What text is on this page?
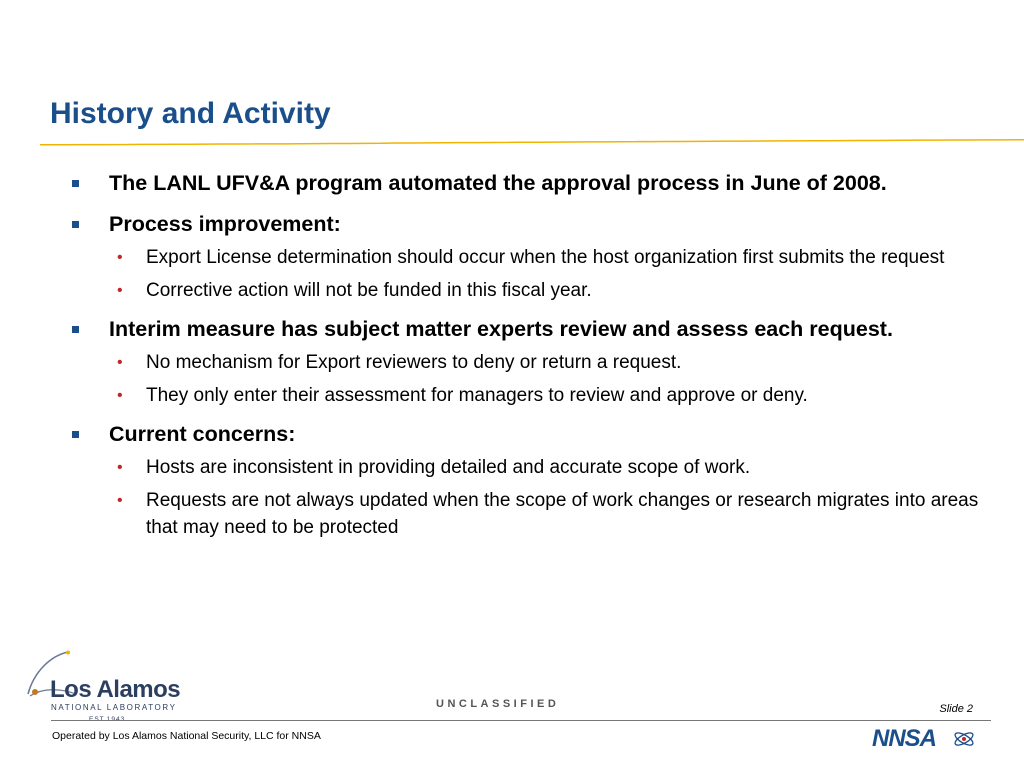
History and Activity
The LANL UFV&A program automated the approval process in June of 2008.
Process improvement:
• Export License determination should occur when the host organization first submits the request
• Corrective action will not be funded in this fiscal year.
Interim measure has subject matter experts review and assess each request.
• No mechanism for Export reviewers to deny or return a request.
• They only enter their assessment for managers to review and approve or deny.
Current concerns:
• Hosts are inconsistent in providing detailed and accurate scope of work.
• Requests are not always updated when the scope of work changes or research migrates into areas that may need to be protected
Los Alamos
NATIONAL LABORATORY
EST.1943
UNCLASSIFIED	Slide 2
Operated by Los Alamos National Security, LLC for NNSA	NNSA
